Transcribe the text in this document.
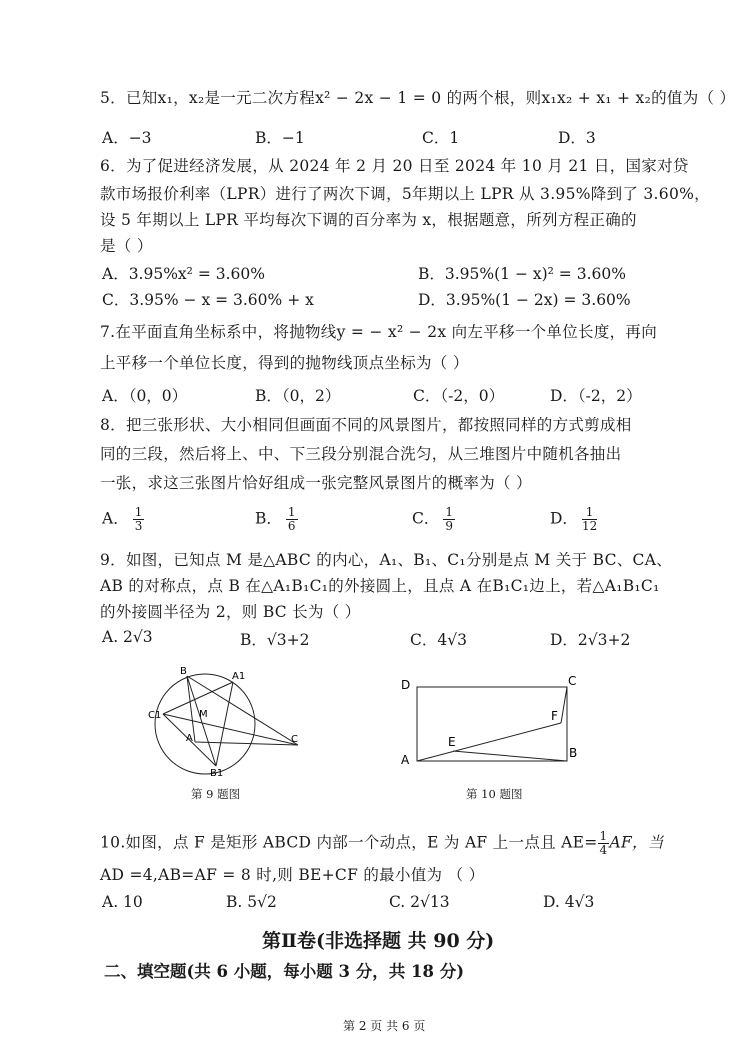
5．已知x₁，x₂是一元二次方程x² − 2x − 1 = 0 的两个根，则x₁x₂ + x₁ + x₂的值为（ ）
A．−3	B．−1	C．1	D．3
6．为了促进经济发展，从 2024 年 2 月 20 日至 2024 年 10 月 21 日，国家对贷
款市场报价利率（LPR）进行了两次下调，5年期以上 LPR 从 3.95%降到了 3.60%，
设 5 年期以上 LPR 平均每次下调的百分率为 x，根据题意，所列方程正确的
是（ ）
A．3.95%x² = 3.60%	B．3.95%(1 − x)² = 3.60%
C．3.95% − x = 3.60% + x	D．3.95%(1 − 2x) = 3.60%
7.在平面直角坐标系中，将抛物线y = − x² − 2x 向左平移一个单位长度，再向
上平移一个单位长度，得到的抛物线顶点坐标为（ ）
A．（0，0）	B．（0，2）	C．（-2，0）	D．（-2，2）
8．把三张形状、大小相同但画面不同的风景图片，都按照同样的方式剪成相
同的三段，然后将上、中、下三段分别混合洗匀，从三堆图片中随机各抽出
一张，求这三张图片恰好组成一张完整风景图片的概率为（ ）
A． $\frac{1}{3}$	B． $\frac{1}{6}$	C． $\frac{1}{9}$	D． $\frac{1}{12}$
9．如图，已知点 M 是△ABC 的内心，A₁、B₁、C₁分别是点 M 关于 BC、CA、
AB 的对称点，点 B 在△A₁B₁C₁的外接圆上，且点 A 在B₁C₁边上，若△A₁B₁C₁
的外接圆半径为 2，则 BC 长为（ ）
A. 2√3	B．√3+2	C．4√3	D．2√3+2
B	A1
C1	M
A	C
B1
第 9 题图
D	C
F
E
A	B
第 10 题图
10.如图，点 F 是矩形 ABCD 内部一个动点，E 为 AF 上一点且 $AE= \frac{1}{4}$ AF，当
AD =4,AB=AF = 8 时,则 BE+CF 的最小值为 （ ）
A. 10	B. 5√2	C. 2√13	D. 4√3
第Ⅱ卷(非选择题 共 90 分)
二、填空题(共 6 小题，每小题 3 分，共 18 分)
第 2 页 共 6 页
